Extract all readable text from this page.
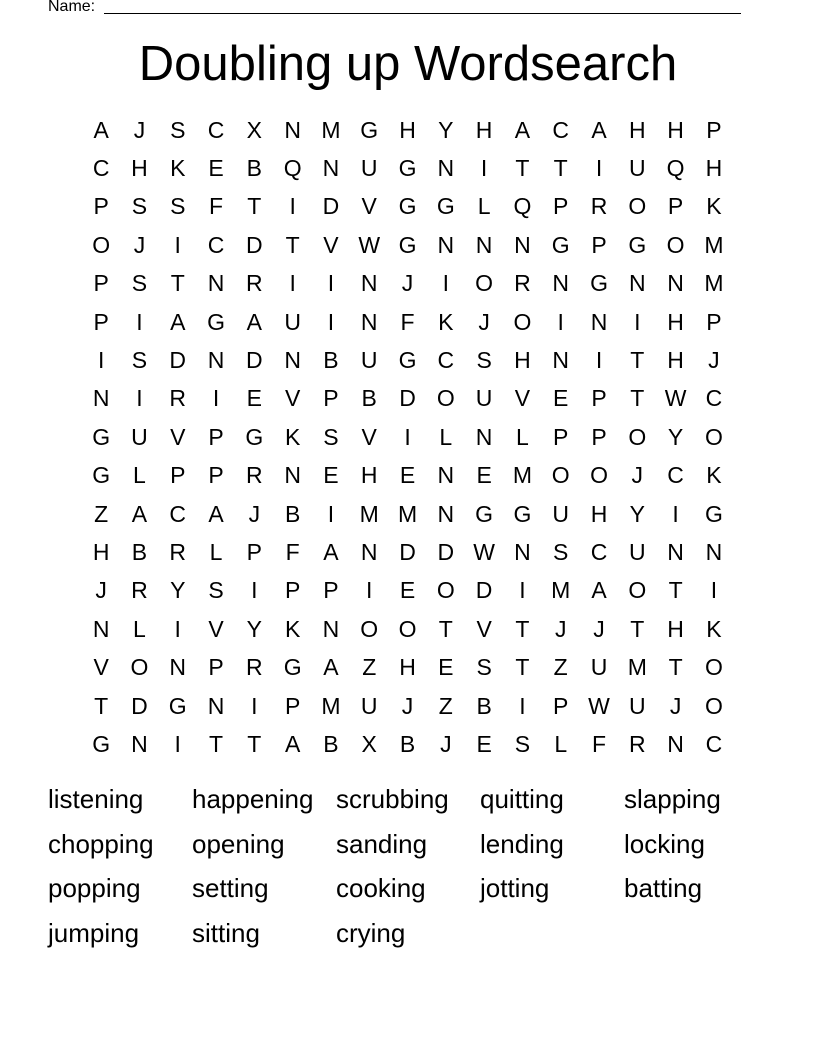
Name:
Doubling up Wordsearch
A	J	S C X N M G H Y H A C A H H P
C H K E B Q N U G N	I	T	T	I	U Q H
P S S	F	T	I	D V G G L Q P R O P K
O	J	I	C D T	V W G N N N G P G O M
P S	T N R	I	I	N	J	I	O R N G N N M
P	I	A G A U	I	N F	K	J	O	I	N	I	H P
I	S D N D N B U G C S H N	I	T H	J
N	I	R	I	E V P B D O U V E P	T W C
G U V P G K S V	I	L	N	L	P P O Y O
G L	P P R N E H E N E M O O	J	C K
Z	A C A	J	B	I	M M N G G U H Y	I	G
H B R	L	P	F	A N D D W N S C U N N
J	R Y S	I	P P	I	E O D	I	M A O T	I
N	L	I	V Y K N O O T	V	T	J	J	T H K
V O N P R G A	Z H E S	T	Z U M T O
T D G N	I	P M U	J	Z	B	I	P W U	J	O
G N	I	T	T	A B X B	J	E S	L	F R N C
listening	happening scrubbing	quitting	slapping
chopping	opening	sanding	lending	locking
popping	setting	cooking	jotting	batting
jumping	sitting	crying
